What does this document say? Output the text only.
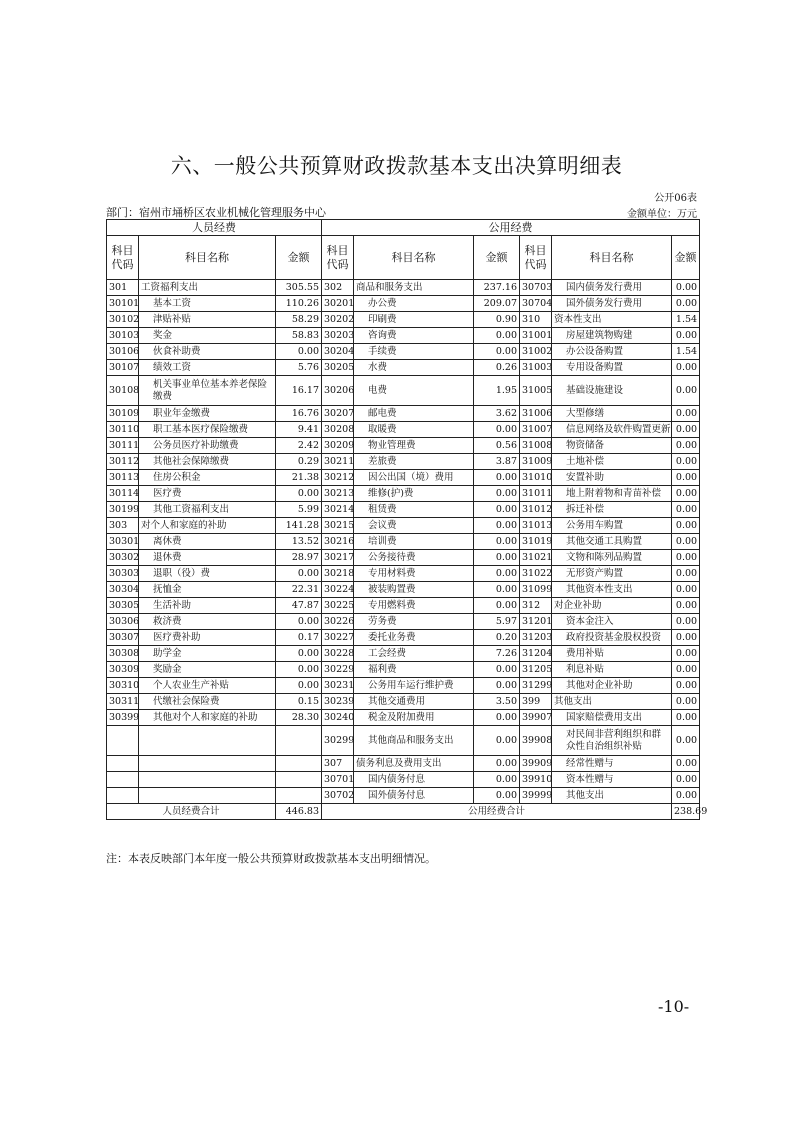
六、一般公共预算财政拨款基本支出决算明细表
公开06表
部门：宿州市埇桥区农业机械化管理服务中心	金额单位：万元
人员经费			公用经费					
科目代码	科目名称	金额	科目代码	科目名称	金额	科目代码	科目名称	金额
301	工资福利支出	305.55	302	商品和服务支出	237.16	30703	国内债务发行费用	0.00
30101	基本工资	110.26	30201	办公费	209.07	30704	国外债务发行费用	0.00
30102	津贴补贴	58.29	30202	印刷费	0.90	310	资本性支出	1.54
30103	奖金	58.83	30203	咨询费	0.00	31001	房屋建筑物购建	0.00
30106	伙食补助费	0.00	30204	手续费	0.00	31002	办公设备购置	1.54
30107	绩效工资	5.76	30205	水费	0.26	31003	专用设备购置	0.00
30108	机关事业单位基本养老保险缴费	16.17	30206	电费	1.95	31005	基础设施建设	0.00
30109	职业年金缴费	16.76	30207	邮电费	3.62	31006	大型修缮	0.00
30110	职工基本医疗保险缴费	9.41	30208	取暖费	0.00	31007	信息网络及软件购置更新	0.00
30111	公务员医疗补助缴费	2.42	30209	物业管理费	0.56	31008	物资储备	0.00
30112	其他社会保障缴费	0.29	30211	差旅费	3.87	31009	土地补偿	0.00
30113	住房公积金	21.38	30212	因公出国（境）费用	0.00	31010	安置补助	0.00
30114	医疗费	0.00	30213	维修(护)费	0.00	31011	地上附着物和青苗补偿	0.00
30199	其他工资福利支出	5.99	30214	租赁费	0.00	31012	拆迁补偿	0.00
303	对个人和家庭的补助	141.28	30215	会议费	0.00	31013	公务用车购置	0.00
30301	离休费	13.52	30216	培训费	0.00	31019	其他交通工具购置	0.00
30302	退休费	28.97	30217	公务接待费	0.00	31021	文物和陈列品购置	0.00
30303	退职（役）费	0.00	30218	专用材料费	0.00	31022	无形资产购置	0.00
30304	抚恤金	22.31	30224	被装购置费	0.00	31099	其他资本性支出	0.00
30305	生活补助	47.87	30225	专用燃料费	0.00	312	对企业补助	0.00
30306	救济费	0.00	30226	劳务费	5.97	31201	资本金注入	0.00
30307	医疗费补助	0.17	30227	委托业务费	0.20	31203	政府投资基金股权投资	0.00
30308	助学金	0.00	30228	工会经费	7.26	31204	费用补贴	0.00
30309	奖励金	0.00	30229	福利费	0.00	31205	利息补贴	0.00
30310	个人农业生产补贴	0.00	30231	公务用车运行维护费	0.00	31299	其他对企业补助	0.00
30311	代缴社会保险费	0.15	30239	其他交通费用	3.50	399	其他支出	0.00
30399	其他对个人和家庭的补助	28.30	30240	税金及附加费用	0.00	39907	国家赔偿费用支出	0.00
			30299	其他商品和服务支出	0.00	39908	对民间非营利组织和群众性自治组织补贴	0.00
			307	债务利息及费用支出	0.00	39909	经常性赠与	0.00
			30701	国内债务付息	0.00	39910	资本性赠与	0.00
			30702	国外债务付息	0.00	39999	其他支出	0.00
人员经费合计		446.83	公用经费合计					238.69
注：本表反映部门本年度一般公共预算财政拨款基本支出明细情况。
-10-
